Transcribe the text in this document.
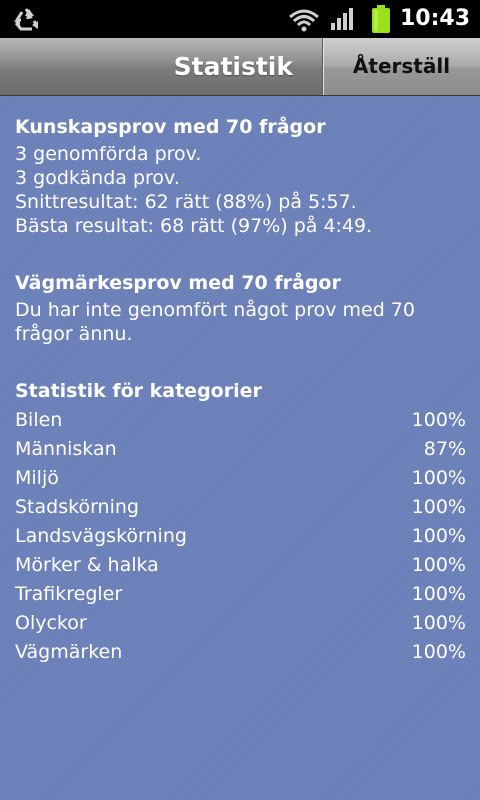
10:43
Statistik	Återställ

Kunskapsprov med 70 frågor

3 genomförda prov.

3 godkända prov.

Snittresultat: 62 rätt (88%) på 5:57.

Bästa resultat: 68 rätt (97%) på 4:49.

Vägmärkesprov med 70 frågor

Du har inte genomfört något prov med 70 frågor ännu.

Statistik för kategorier

Bilen	100%
Människan	87%
Miljö	100%
Stadskörning	100%
Landsvägskörning	100%
Mörker & halka	100%
Trafikregler	100%
Olyckor	100%
Vägmärken	100%
